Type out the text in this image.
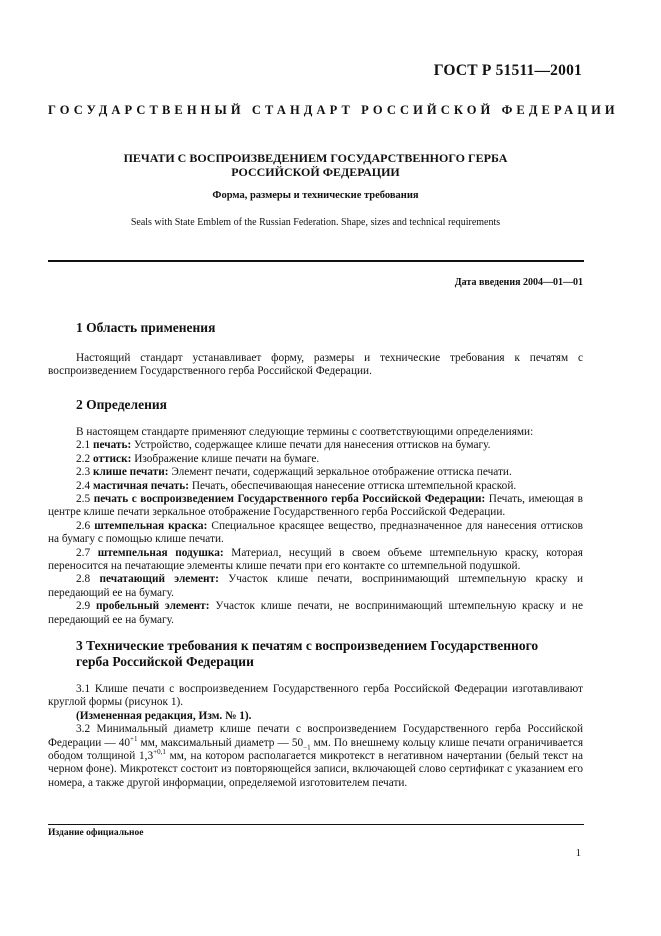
ГОСТ Р 51511—2001
ГОСУДАРСТВЕННЫЙ СТАНДАРТ РОССИЙСКОЙ ФЕДЕРАЦИИ
ПЕЧАТИ С ВОСПРОИЗВЕДЕНИЕМ ГОСУДАРСТВЕННОГО ГЕРБА
РОССИЙСКОЙ ФЕДЕРАЦИИ
Форма, размеры и технические требования
Seals with State Emblem of the Russian Federation. Shape, sizes and technical requirements
Дата введения 2004—01—01
1 Область применения

Настоящий стандарт устанавливает форму, размеры и технические требования к печатям с воспроизведением Государственного герба Российской Федерации.

2 Определения

В настоящем стандарте применяют следующие термины с соответствующими определениями:

2.1 печать: Устройство, содержащее клише печати для нанесения оттисков на бумагу.

2.2 оттиск: Изображение клише печати на бумаге.

2.3 клише печати: Элемент печати, содержащий зеркальное отображение оттиска печати.

2.4 мастичная печать: Печать, обеспечивающая нанесение оттиска штемпельной краской.

2.5 печать с воспроизведением Государственного герба Российской Федерации: Печать, имеющая в центре клише печати зеркальное отображение Государственного герба Российской Федерации.

2.6 штемпельная краска: Специальное красящее вещество, предназначенное для нанесения оттисков на бумагу с помощью клише печати.

2.7 штемпельная подушка: Материал, несущий в своем объеме штемпельную краску, которая переносится на печатающие элементы клише печати при его контакте со штемпельной подушкой.

2.8 печатающий элемент: Участок клише печати, воспринимающий штемпельную краску и передающий ее на бумагу.

2.9 пробельный элемент: Участок клише печати, не воспринимающий штемпельную краску и не передающий ее на бумагу.

3 Технические требования к печатям с воспроизведением Государственного
герба Российской Федерации

3.1 Клише печати с воспроизведением Государственного герба Российской Федерации изготавливают круглой формы (рисунок 1).

(Измененная редакция, Изм. № 1).

3.2 Минимальный диаметр клише печати с воспроизведением Государственного герба Российской Федерации — $40^{+1}$ мм, максимальный диаметр — $50_{-1}$ мм. По внешнему кольцу клише печати ограничивается ободом толщиной $1,3^{+0,1}$ мм, на котором располагается микротекст в негативном начертании (белый текст на черном фоне). Микротекст состоит из повторяющейся записи, включающей слово сертификат с указанием его номера, а также другой информации, определяемой изготовителем печати.

Издание официальное
1
